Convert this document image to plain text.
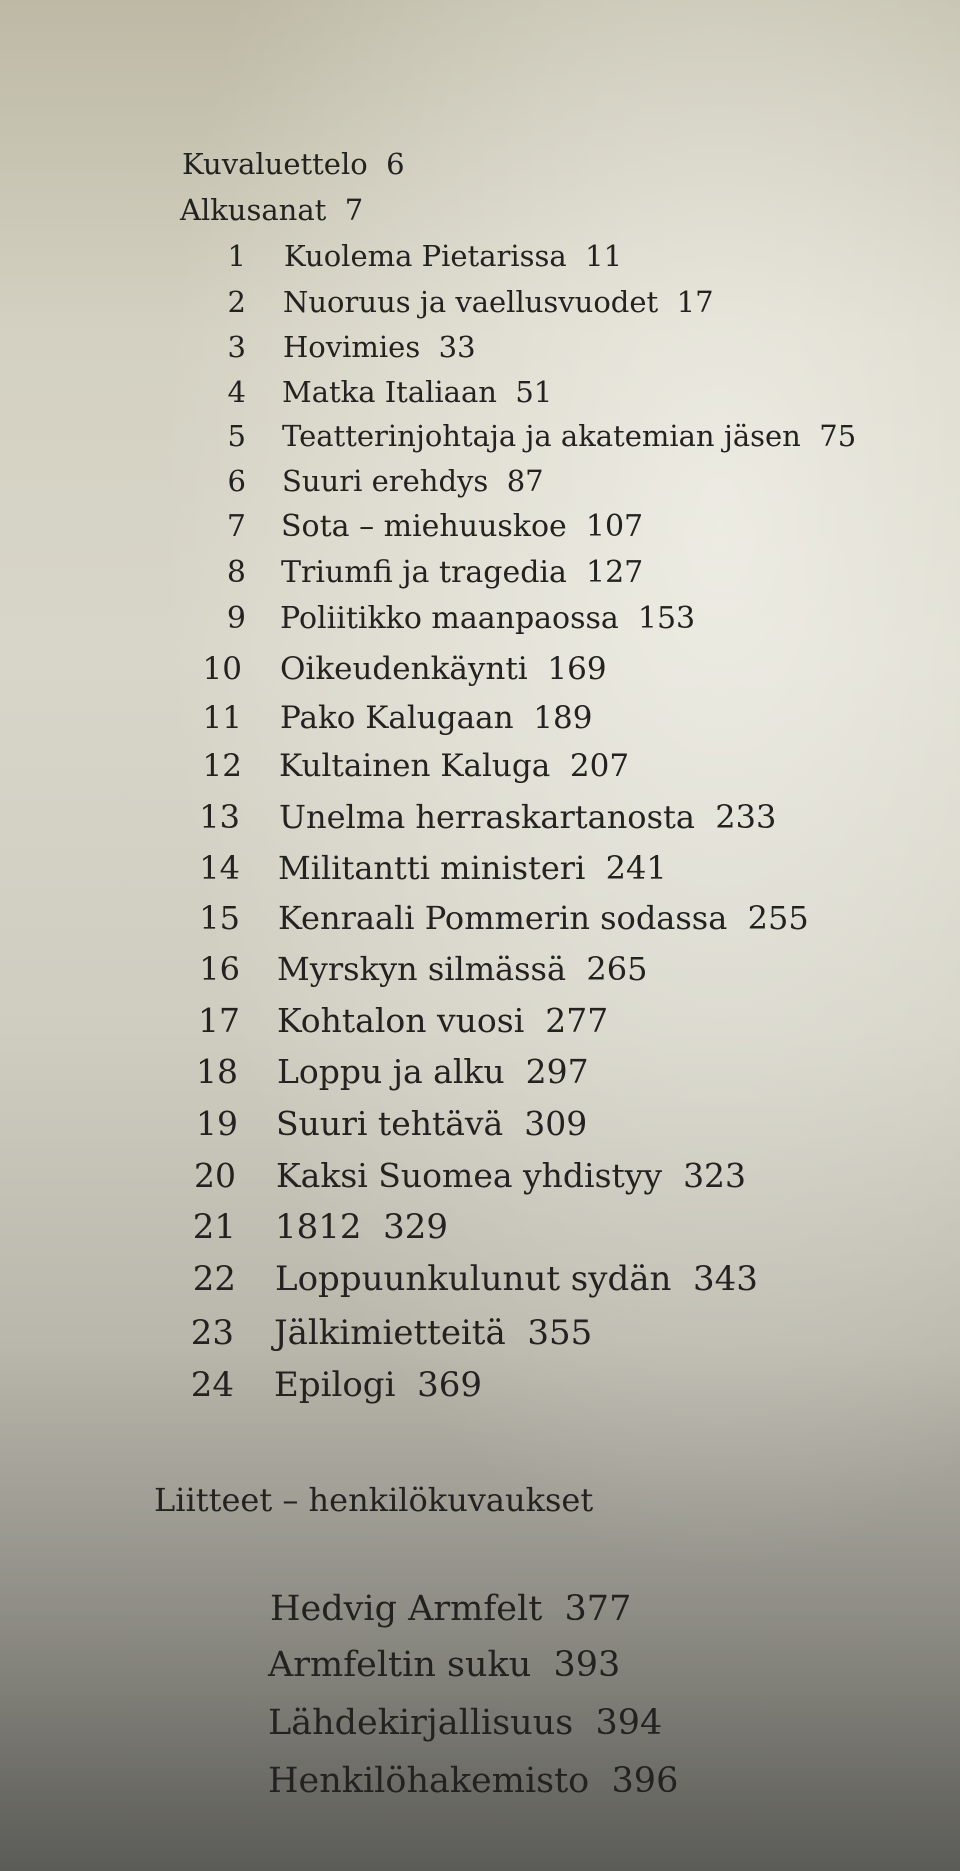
Kuvaluettelo 6
Alkusanat 7
1 Kuolema Pietarissa 11
2 Nuoruus ja vaellusvuodet 17
3 Hovimies 33
4 Matka Italiaan 51
5 Teatterinjohtaja ja akatemian jäsen 75
6 Suuri erehdys 87
7 Sota – miehuuskoe 107
8 Triumfi ja tragedia 127
9 Poliitikko maanpaossa 153
10 Oikeudenkäynti 169
11 Pako Kalugaan 189
12 Kultainen Kaluga 207
13 Unelma herraskartanosta 233
14 Militantti ministeri 241
15 Kenraali Pommerin sodassa 255
16 Myrskyn silmässä 265
17 Kohtalon vuosi 277
18 Loppu ja alku 297
19 Suuri tehtävä 309
20 Kaksi Suomea yhdistyy 323
21 1812 329
22 Loppuunkulunut sydän 343
23 Jälkimietteitä 355
24 Epilogi 369
Liitteet – henkilökuvaukset
Hedvig Armfelt 377
Armfeltin suku 393
Lähdekirjallisuus 394
Henkilöhakemisto 396
